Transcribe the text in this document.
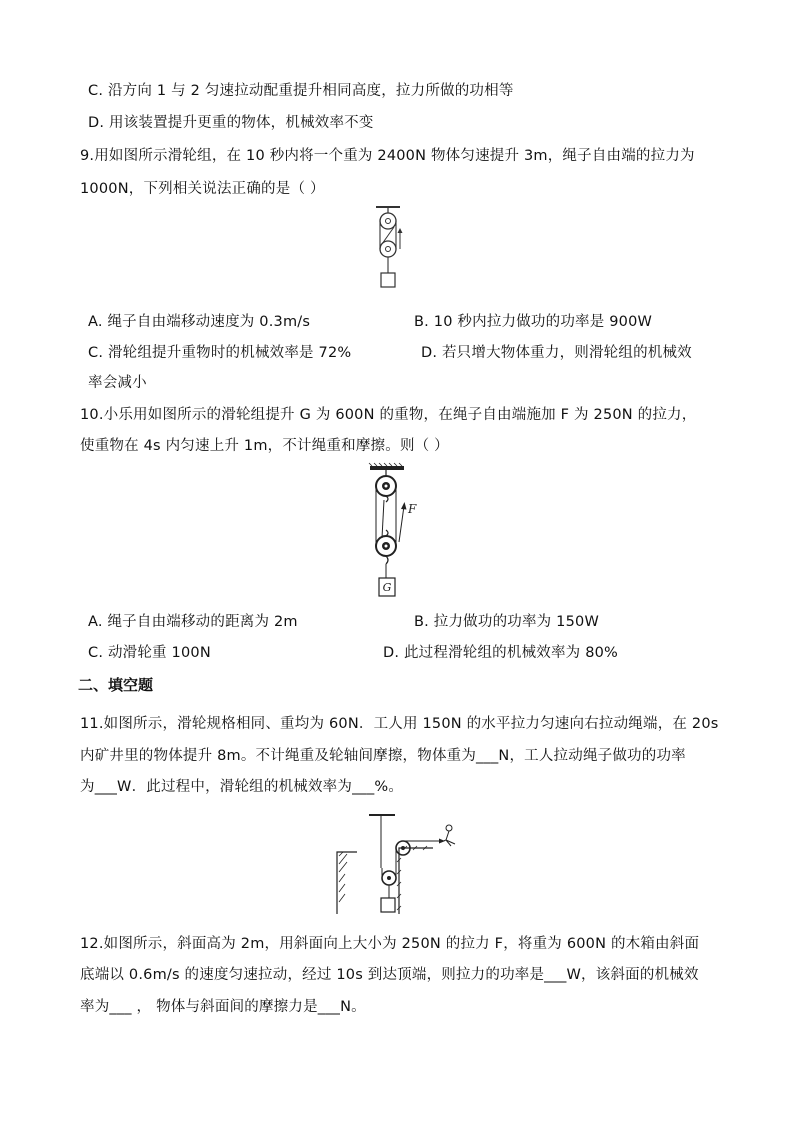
C. 沿方向 1 与 2 匀速拉动配重提升相同高度，拉力所做的功相等
D. 用该装置提升更重的物体，机械效率不变
9.用如图所示滑轮组，在 10 秒内将一个重为 2400N 物体匀速提升 3m，绳子自由端的拉力为
1000N，下列相关说法正确的是（ ）
A. 绳子自由端移动速度为 0.3m/s	B. 10 秒内拉力做功的功率是 900W
C. 滑轮组提升重物时的机械效率是 72%	D. 若只增大物体重力，则滑轮组的机械效
率会减小
10.小乐用如图所示的滑轮组提升 G 为 600N 的重物，在绳子自由端施加 F 为 250N 的拉力，
使重物在 4s 内匀速上升 1m，不计绳重和摩擦。则（ ）
F
G
A. 绳子自由端移动的距离为 2m	B. 拉力做功的功率为 150W
C. 动滑轮重 100N	D. 此过程滑轮组的机械效率为 80%
二、填空题
11.如图所示，滑轮规格相同、重均为 60N．工人用 150N 的水平拉力匀速向右拉动绳端，在 20s
内矿井里的物体提升 8m。不计绳重及轮轴间摩擦，物体重为___N，工人拉动绳子做功的功率
为___W．此过程中，滑轮组的机械效率为___%。
12.如图所示，斜面高为 2m，用斜面向上大小为 250N 的拉力 F，将重为 600N 的木箱由斜面
底端以 0.6m/s 的速度匀速拉动，经过 10s 到达顶端，则拉力的功率是___W，该斜面的机械效
率为___ ， 物体与斜面间的摩擦力是___N。
